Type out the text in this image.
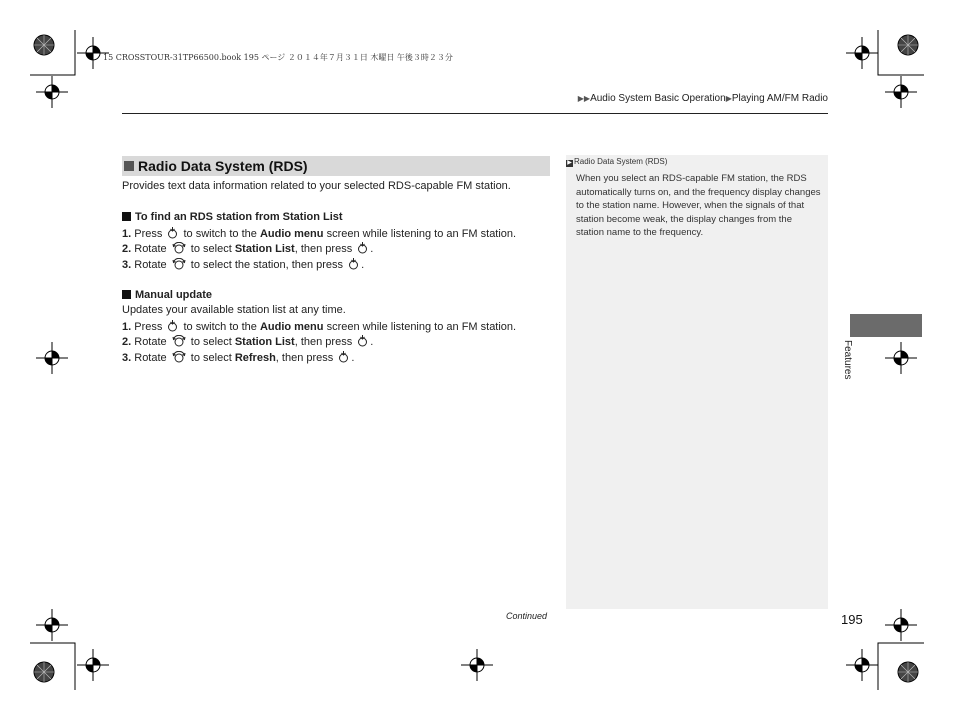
15 CROSSTOUR-31TP66500.book 195 ページ ２０１４年７月３１日 木曜日 午後３時２３分
▶▶Audio System Basic Operation▶Playing AM/FM Radio
Radio Data System (RDS)
Provides text data information related to your selected RDS-capable FM station.
To find an RDS station from Station List
1. Press to switch to the Audio menu screen while listening to an FM station.
2. Rotate to select Station List, then press .
3. Rotate to select the station, then press .
Manual update
Updates your available station list at any time.
1. Press to switch to the Audio menu screen while listening to an FM station.
2. Rotate to select Station List, then press .
3. Rotate to select Refresh, then press .
▶ Radio Data System (RDS)
When you select an RDS-capable FM station, the RDS automatically turns on, and the frequency display changes to the station name. However, when the signals of that station become weak, the display changes from the station name to the frequency.
Features
Continued	195
